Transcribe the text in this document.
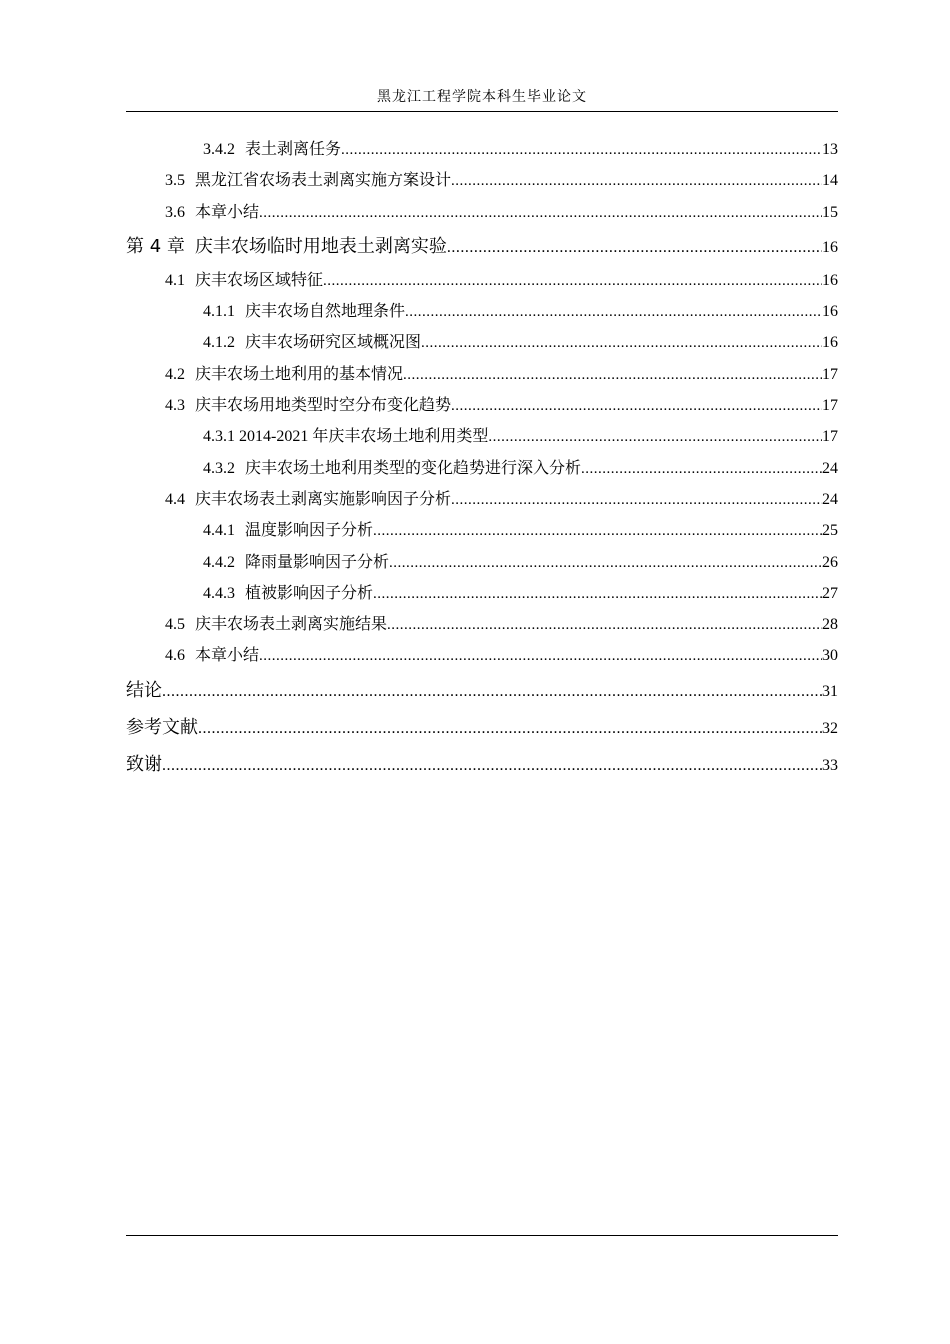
黑龙江工程学院本科生毕业论文
3.4.2 表土剥离任务 .....	13
3.5 黑龙江省农场表土剥离实施方案设计 .....	14
3.6 本章小结 .....	15
第 4 章 庆丰农场临时用地表土剥离实验 .....	16
4.1 庆丰农场区域特征 .....	16
4.1.1 庆丰农场自然地理条件 .....	16
4.1.2 庆丰农场研究区域概况图 .....	16
4.2 庆丰农场土地利用的基本情况 .....	17
4.3 庆丰农场用地类型时空分布变化趋势 .....	17
4.3.1 2014-2021 年庆丰农场土地利用类型 .....	17
4.3.2 庆丰农场土地利用类型的变化趋势进行深入分析 .....	24
4.4 庆丰农场表土剥离实施影响因子分析 .....	24
4.4.1 温度影响因子分析 .....	25
4.4.2 降雨量影响因子分析 .....	26
4.4.3 植被影响因子分析 .....	27
4.5 庆丰农场表土剥离实施结果 .....	28
4.6 本章小结 .....	30
结论 .....	31
参考文献 .....	32
致谢 .....	33
